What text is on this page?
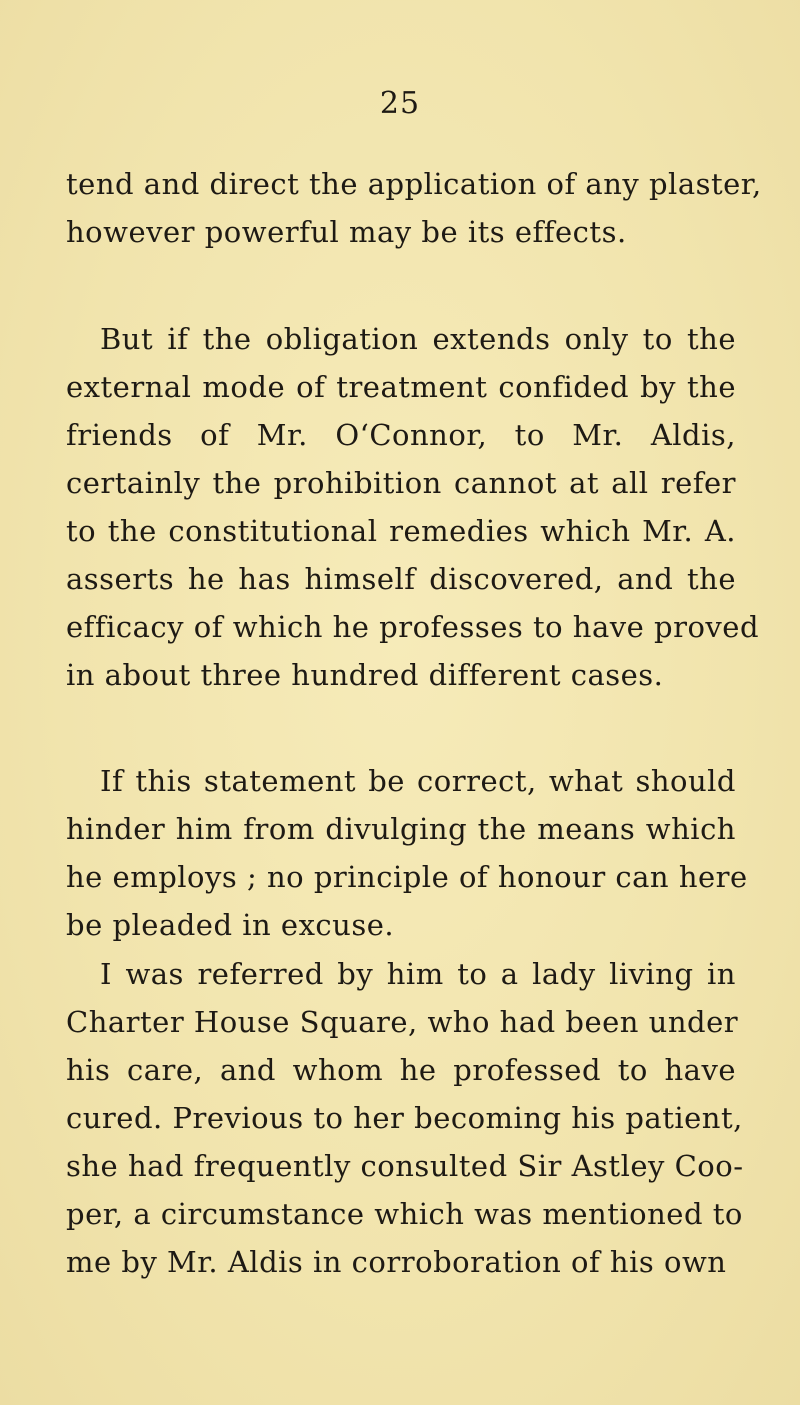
25
tend and direct the application of any plaster,
however powerful may be its effects.
But if the obligation extends only to the
external mode of treatment confided by the
friends of Mr. O‘Connor, to Mr. Aldis,
certainly the prohibition cannot at all refer
to the constitutional remedies which Mr. A.
asserts he has himself discovered, and the
efficacy of which he professes to have proved
in about three hundred different cases.
If this statement be correct, what should
hinder him from divulging the means which
he employs ; no principle of honour can here
be pleaded in excuse.
I was referred by him to a lady living in
Charter House Square, who had been under
his care, and whom he professed to have
cured. Previous to her becoming his patient,
she had frequently consulted Sir Astley Coo-
per, a circumstance which was mentioned to
me by Mr. Aldis in corroboration of his own
